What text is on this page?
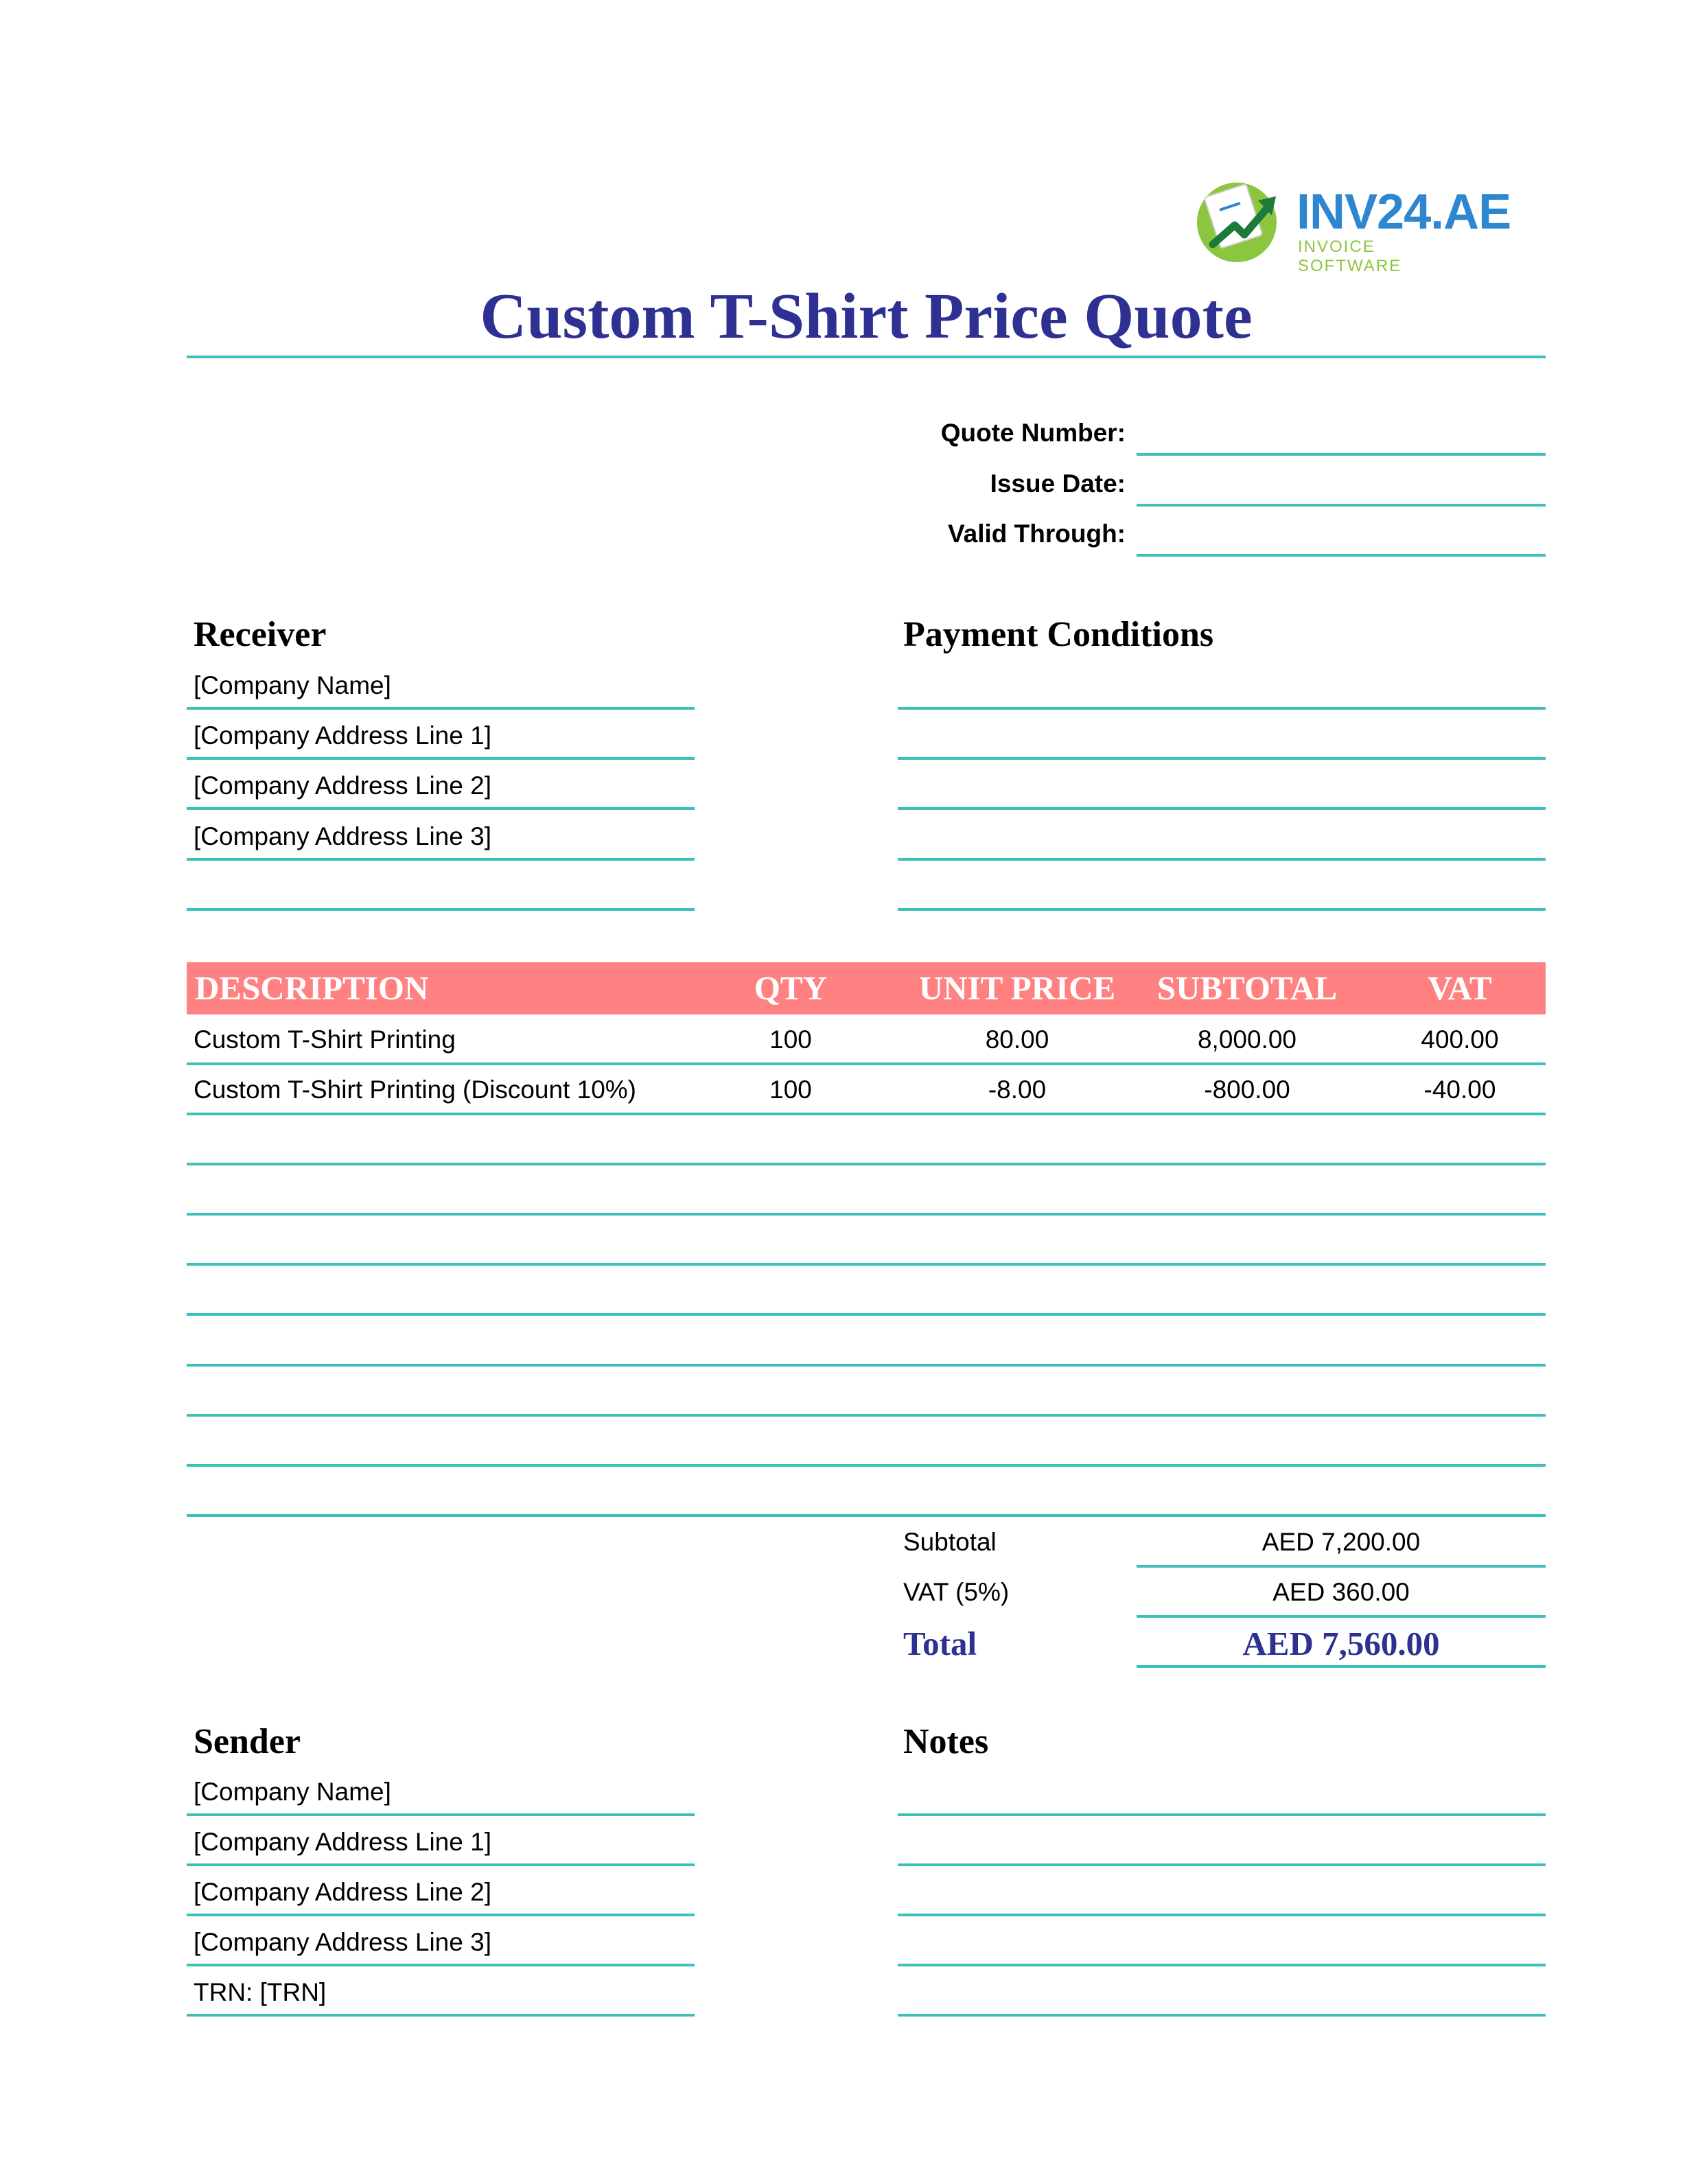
INV24.AE
INVOICE SOFTWARE
Custom T-Shirt Price Quote
Quote Number:
Issue Date:
Valid Through:
Receiver
[Company Name]
[Company Address Line 1]
[Company Address Line 2]
[Company Address Line 3]
Payment Conditions
DESCRIPTION	QTY	UNIT PRICE	SUBTOTAL	VAT
Custom T-Shirt Printing	100	80.00	8,000.00	400.00
Custom T-Shirt Printing (Discount 10%)	100	-8.00	-800.00	-40.00
Subtotal	AED 7,200.00
VAT (5%)	AED 360.00
Total	AED 7,560.00
Sender
[Company Name]
[Company Address Line 1]
[Company Address Line 2]
[Company Address Line 3]
TRN: [TRN]
Notes
